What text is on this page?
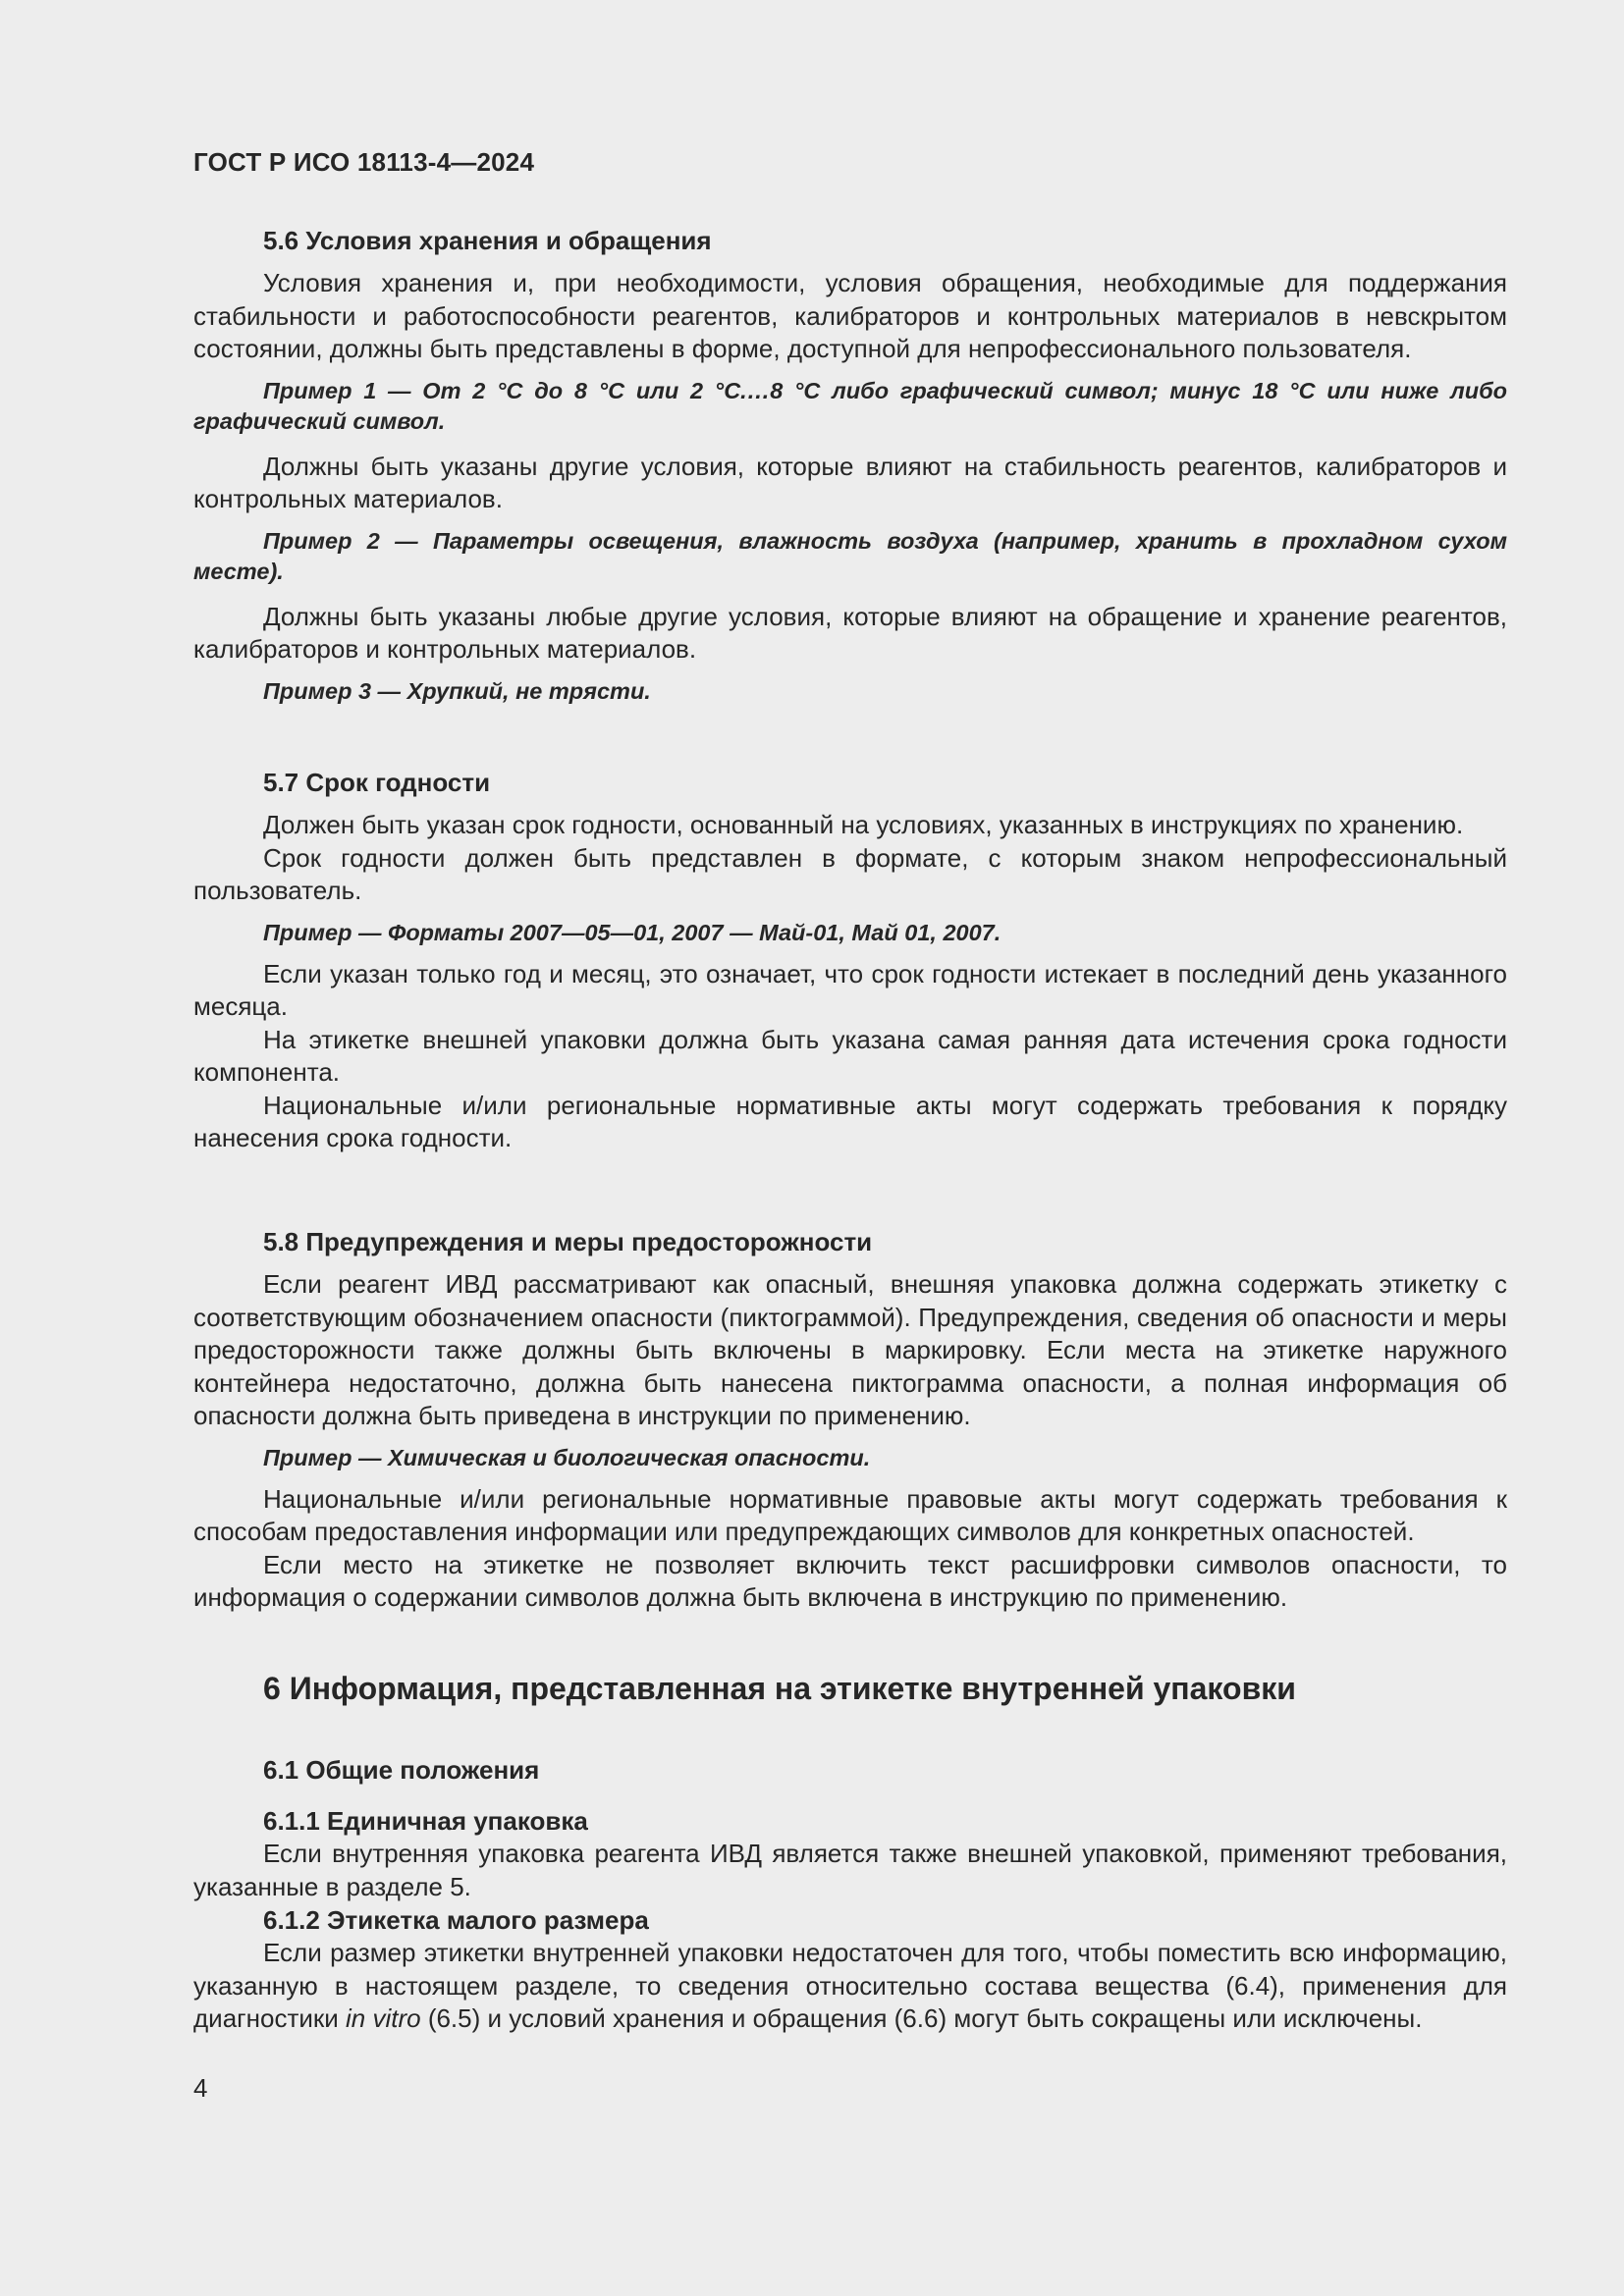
ГОСТ Р ИСО 18113-4—2024
5.6 Условия хранения и обращения

Условия хранения и, при необходимости, условия обращения, необходимые для поддержания стабильности и работоспособности реагентов, калибраторов и контрольных материалов в невскрытом состоянии, должны быть представлены в форме, доступной для непрофессионального пользователя.

Пример 1 — От 2 °С до 8 °С или 2 °С.…8 °С либо графический символ; минус 18 °С или ниже либо графический символ.

Должны быть указаны другие условия, которые влияют на стабильность реагентов, калибраторов и контрольных материалов.

Пример 2 — Параметры освещения, влажность воздуха (например, хранить в прохладном сухом месте).

Должны быть указаны любые другие условия, которые влияют на обращение и хранение реагентов, калибраторов и контрольных материалов.

Пример 3 — Хрупкий, не трясти.

5.7 Срок годности

Должен быть указан срок годности, основанный на условиях, указанных в инструкциях по хранению.

Срок годности должен быть представлен в формате, с которым знаком непрофессиональный пользователь.

Пример — Форматы 2007—05—01, 2007 — Май-01, Май 01, 2007.

Если указан только год и месяц, это означает, что срок годности истекает в последний день указанного месяца.

На этикетке внешней упаковки должна быть указана самая ранняя дата истечения срока годности компонента.

Национальные и/или региональные нормативные акты могут содержать требования к порядку нанесения срока годности.

5.8 Предупреждения и меры предосторожности

Если реагент ИВД рассматривают как опасный, внешняя упаковка должна содержать этикетку с соответствующим обозначением опасности (пиктограммой). Предупреждения, сведения об опасности и меры предосторожности также должны быть включены в маркировку. Если места на этикетке наружного контейнера недостаточно, должна быть нанесена пиктограмма опасности, а полная информация об опасности должна быть приведена в инструкции по применению.

Пример — Химическая и биологическая опасности.

Национальные и/или региональные нормативные правовые акты могут содержать требования к способам предоставления информации или предупреждающих символов для конкретных опасностей.

Если место на этикетке не позволяет включить текст расшифровки символов опасности, то информация о содержании символов должна быть включена в инструкцию по применению.

6 Информация, представленная на этикетке внутренней упаковки
6.1 Общие положения
6.1.1 Единичная упаковка

Если внутренняя упаковка реагента ИВД является также внешней упаковкой, применяют требования, указанные в разделе 5.

6.1.2 Этикетка малого размера

Если размер этикетки внутренней упаковки недостаточен для того, чтобы поместить всю информацию, указанную в настоящем разделе, то сведения относительно состава вещества (6.4), применения для диагностики in vitro (6.5) и условий хранения и обращения (6.6) могут быть сокращены или исключены.

4
